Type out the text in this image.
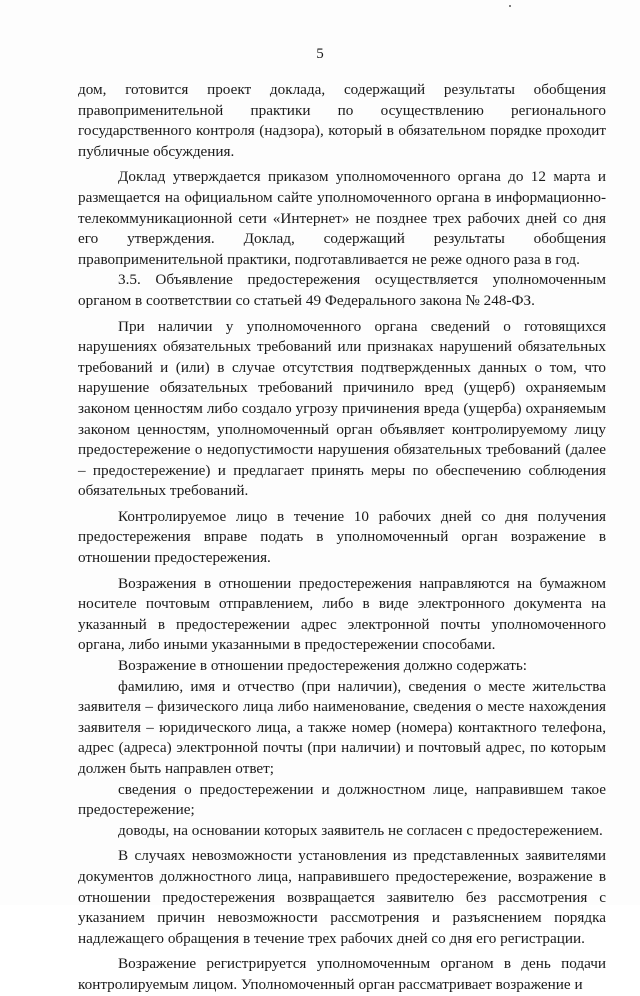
5

дом, готовится проект доклада, содержащий результаты обобщения правоприменительной практики по осуществлению регионального государственного контроля (надзора), который в обязательном порядке проходит публичные обсуждения.

Доклад утверждается приказом уполномоченного органа до 12 марта и размещается на официальном сайте уполномоченного органа в информационно-телекоммуникационной сети «Интернет» не позднее трех рабочих дней со дня его утверждения. Доклад, содержащий результаты обобщения правоприменительной практики, подготавливается не реже одного раза в год.

3.5. Объявление предостережения осуществляется уполномоченным органом в соответствии со статьей 49 Федерального закона № 248-ФЗ.

При наличии у уполномоченного органа сведений о готовящихся нарушениях обязательных требований или признаках нарушений обязательных требований и (или) в случае отсутствия подтвержденных данных о том, что нарушение обязательных требований причинило вред (ущерб) охраняемым законом ценностям либо создало угрозу причинения вреда (ущерба) охраняемым законом ценностям, уполномоченный орган объявляет контролируемому лицу предостережение о недопустимости нарушения обязательных требований (далее – предостережение) и предлагает принять меры по обеспечению соблюдения обязательных требований.

Контролируемое лицо в течение 10 рабочих дней со дня получения предостережения вправе подать в уполномоченный орган возражение в отношении предостережения.

Возражения в отношении предостережения направляются на бумажном носителе почтовым отправлением, либо в виде электронного документа на указанный в предостережении адрес электронной почты уполномоченного органа, либо иными указанными в предостережении способами.

Возражение в отношении предостережения должно содержать:

фамилию, имя и отчество (при наличии), сведения о месте жительства заявителя – физического лица либо наименование, сведения о месте нахождения заявителя – юридического лица, а также номер (номера) контактного телефона, адрес (адреса) электронной почты (при наличии) и почтовый адрес, по которым должен быть направлен ответ;

сведения о предостережении и должностном лице, направившем такое предостережение;

доводы, на основании которых заявитель не согласен с предостережением.

В случаях невозможности установления из представленных заявителями документов должностного лица, направившего предостережение, возражение в отношении предостережения возвращается заявителю без рассмотрения с указанием причин невозможности рассмотрения и разъяснением порядка надлежащего обращения в течение трех рабочих дней со дня его регистрации.

Возражение регистрируется уполномоченным органом в день подачи контролируемым лицом. Уполномоченный орган рассматривает возражение и
